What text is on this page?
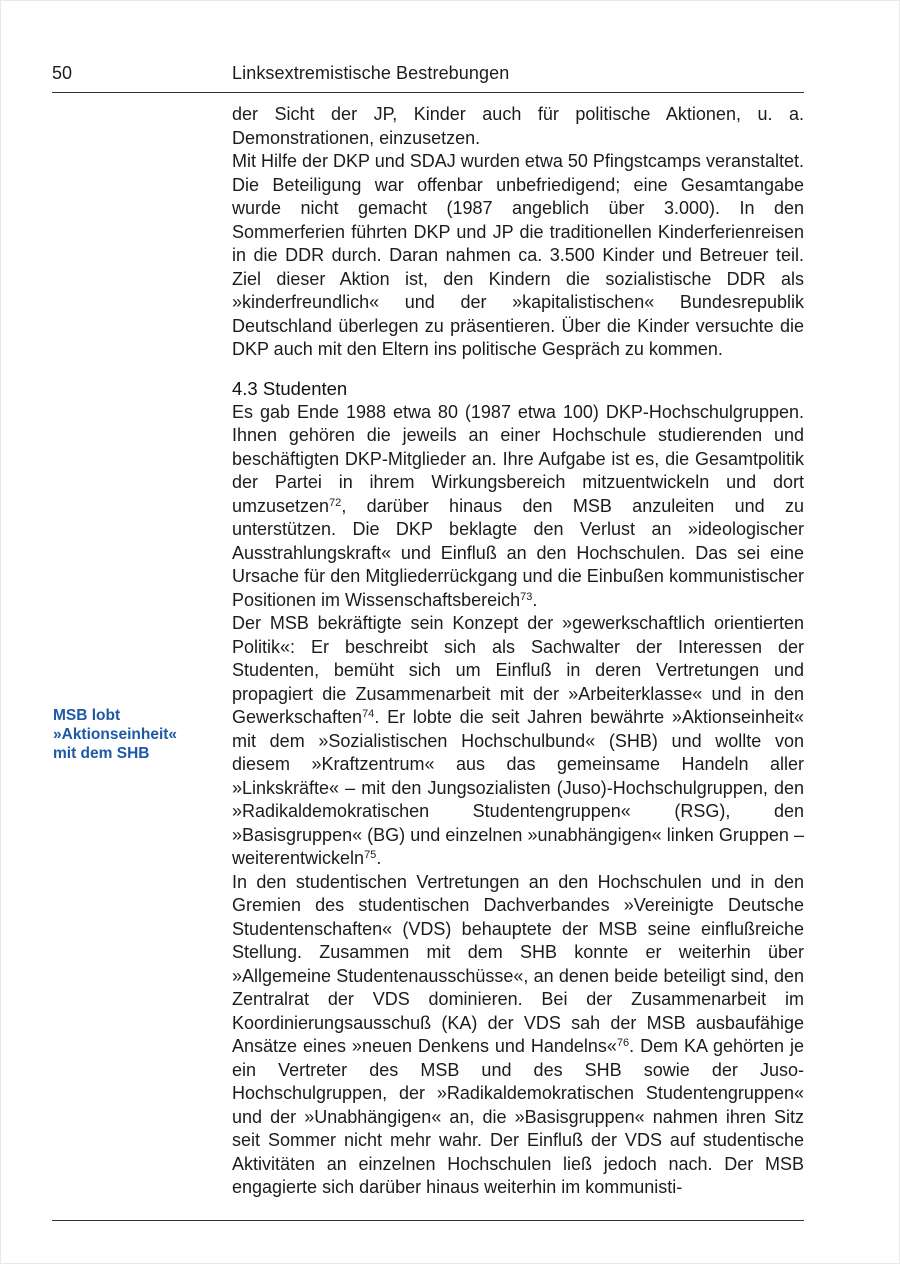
50	Linksextremistische Bestrebungen
MSB lobt
»Aktionseinheit«
mit dem SHB

der Sicht der JP, Kinder auch für politische Aktionen, u. a. Demonstrationen, einzusetzen.

Mit Hilfe der DKP und SDAJ wurden etwa 50 Pfingstcamps veranstaltet. Die Beteiligung war offenbar unbefriedigend; eine Gesamtangabe wurde nicht gemacht (1987 angeblich über 3.000). In den Sommerferien führten DKP und JP die traditionellen Kinderferienreisen in die DDR durch. Daran nahmen ca. 3.500 Kinder und Betreuer teil. Ziel dieser Aktion ist, den Kindern die sozialistische DDR als »kinderfreundlich« und der »kapitalistischen« Bundesrepublik Deutschland überlegen zu präsentieren. Über die Kinder versuchte die DKP auch mit den Eltern ins politische Gespräch zu kommen.

4.3 Studenten

Es gab Ende 1988 etwa 80 (1987 etwa 100) DKP-Hochschulgruppen. Ihnen gehören die jeweils an einer Hochschule studierenden und beschäftigten DKP-Mitglieder an. Ihre Aufgabe ist es, die Gesamtpolitik der Partei in ihrem Wirkungsbereich mitzuentwickeln und dort umzusetzen$^{72}$, darüber hinaus den MSB anzuleiten und zu unterstützen. Die DKP beklagte den Verlust an »ideologischer Ausstrahlungskraft« und Einfluß an den Hochschulen. Das sei eine Ursache für den Mitgliederrückgang und die Einbußen kommunistischer Positionen im Wissenschaftsbereich$^{73}$.

Der MSB bekräftigte sein Konzept der »gewerkschaftlich orientierten Politik«: Er beschreibt sich als Sachwalter der Interessen der Studenten, bemüht sich um Einfluß in deren Vertretungen und propagiert die Zusammenarbeit mit der »Arbeiterklasse« und in den Gewerkschaften$^{74}$. Er lobte die seit Jahren bewährte »Aktionseinheit« mit dem »Sozialistischen Hochschulbund« (SHB) und wollte von diesem »Kraftzentrum« aus das gemeinsame Handeln aller »Linkskräfte« – mit den Jungsozialisten (Juso)-Hochschulgruppen, den »Radikaldemokratischen Studentengruppen« (RSG), den »Basisgruppen« (BG) und einzelnen »unabhängigen« linken Gruppen – weiterentwickeln$^{75}$.

In den studentischen Vertretungen an den Hochschulen und in den Gremien des studentischen Dachverbandes »Vereinigte Deutsche Studentenschaften« (VDS) behauptete der MSB seine einflußreiche Stellung. Zusammen mit dem SHB konnte er weiterhin über »Allgemeine Studentenausschüsse«, an denen beide beteiligt sind, den Zentralrat der VDS dominieren. Bei der Zusammenarbeit im Koordinierungsausschuß (KA) der VDS sah der MSB ausbaufähige Ansätze eines »neuen Denkens und Handelns«$^{76}$. Dem KA gehörten je ein Vertreter des MSB und des SHB sowie der Juso-Hochschulgruppen, der »Radikaldemokratischen Studentengruppen« und der »Unabhängigen« an, die »Basisgruppen« nahmen ihren Sitz seit Sommer nicht mehr wahr. Der Einfluß der VDS auf studentische Aktivitäten an einzelnen Hochschulen ließ jedoch nach. Der MSB engagierte sich darüber hinaus weiterhin im kommunisti-
